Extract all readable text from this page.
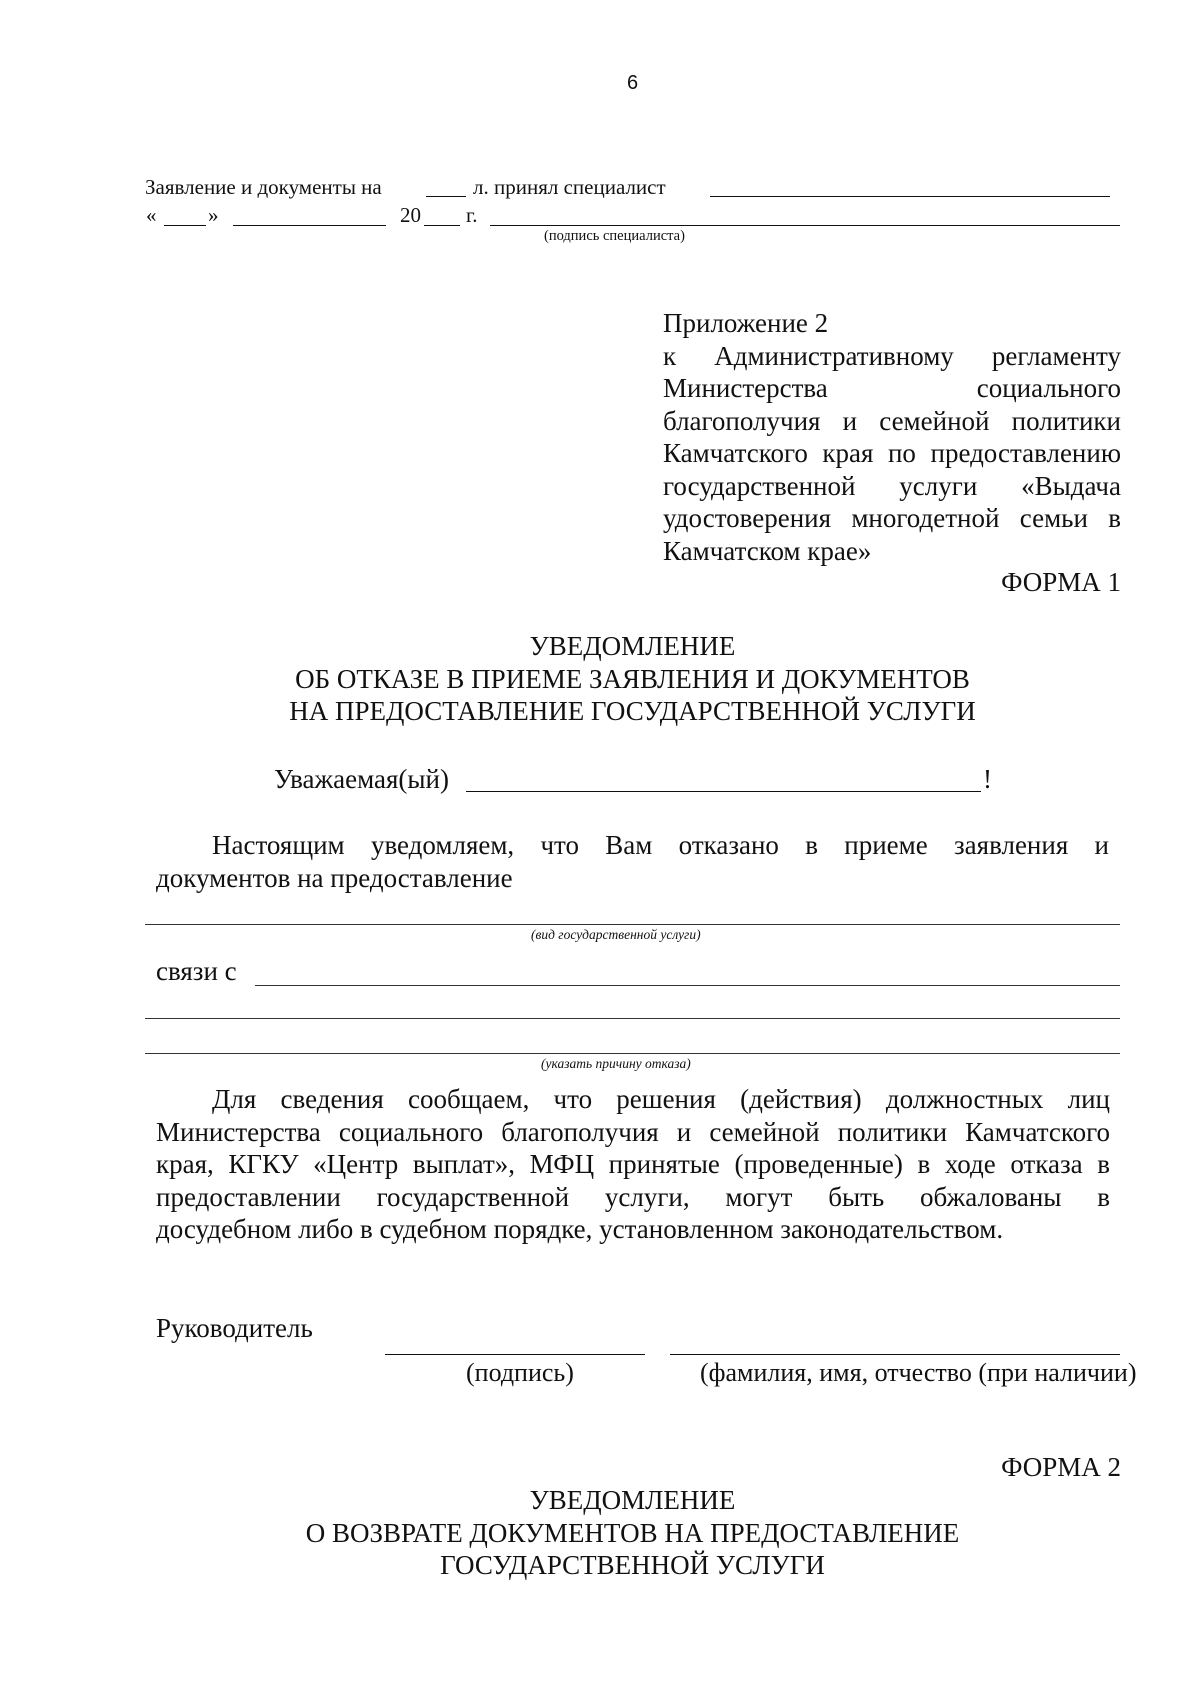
6
Заявление и документы на	л. принял специалист
« »	20 г.
(подпись специалиста)
Приложение 2
к Административному регламенту
Министерства социального
благополучия и семейной политики
Камчатского края по предоставлению
государственной услуги «Выдача
удостоверения многодетной семьи в
Камчатском крае»
ФОРМА 1
УВЕДОМЛЕНИЕ
ОБ ОТКАЗЕ В ПРИЕМЕ ЗАЯВЛЕНИЯ И ДОКУМЕНТОВ
НА ПРЕДОСТАВЛЕНИЕ ГОСУДАРСТВЕННОЙ УСЛУГИ
Уважаемая(ый)	!
Настоящим уведомляем, что Вам отказано в приеме заявления и
документов на предоставление
(вид государственной услуги)
связи с
(указать причину отказа)
Для сведения сообщаем, что решения (действия) должностных лиц
Министерства социального благополучия и семейной политики Камчатского
края, КГКУ «Центр выплат», МФЦ принятые (проведенные) в ходе отказа в
предоставлении государственной услуги, могут быть обжалованы в
досудебном либо в судебном порядке, установленном законодательством.
Руководитель
(подпись)	(фамилия, имя, отчество (при наличии)
ФОРМА 2
УВЕДОМЛЕНИЕ
О ВОЗВРАТЕ ДОКУМЕНТОВ НА ПРЕДОСТАВЛЕНИЕ
ГОСУДАРСТВЕННОЙ УСЛУГИ
